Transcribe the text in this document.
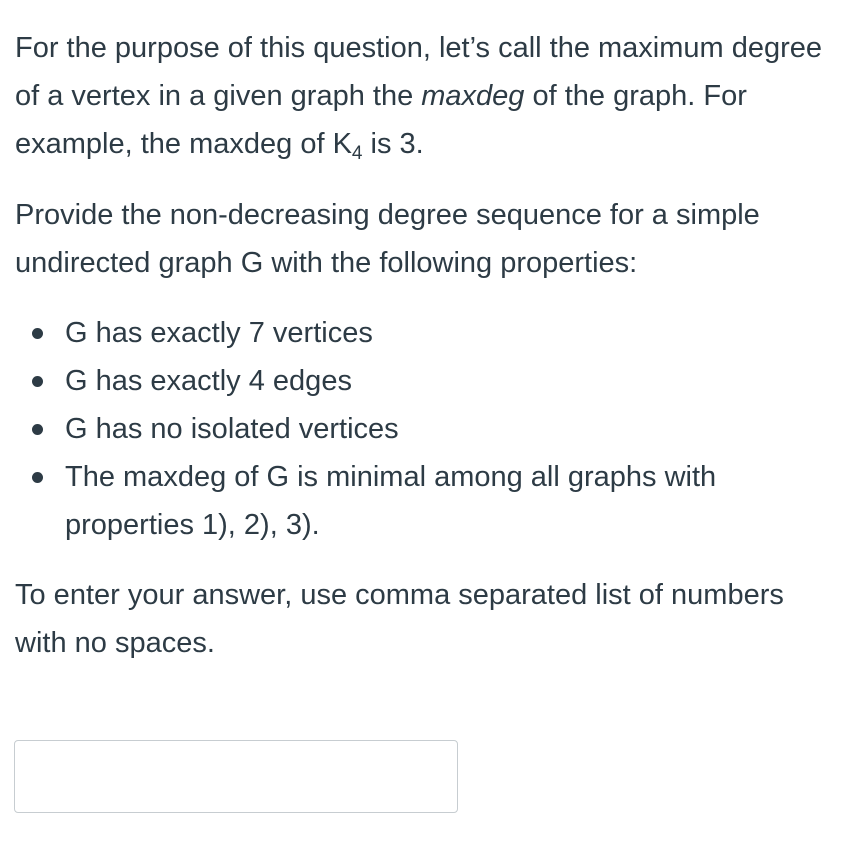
For the purpose of this question, let’s call the maximum degree of a vertex in a given graph the maxdeg of the graph. For example, the maxdeg of $K_4$ is 3.

Provide the non-decreasing degree sequence for a simple undirected graph G with the following properties:

G has exactly 7 vertices
G has exactly 4 edges
G has no isolated vertices
The maxdeg of G is minimal among all graphs with properties 1), 2), 3).

To enter your answer, use comma separated list of numbers with no spaces.
